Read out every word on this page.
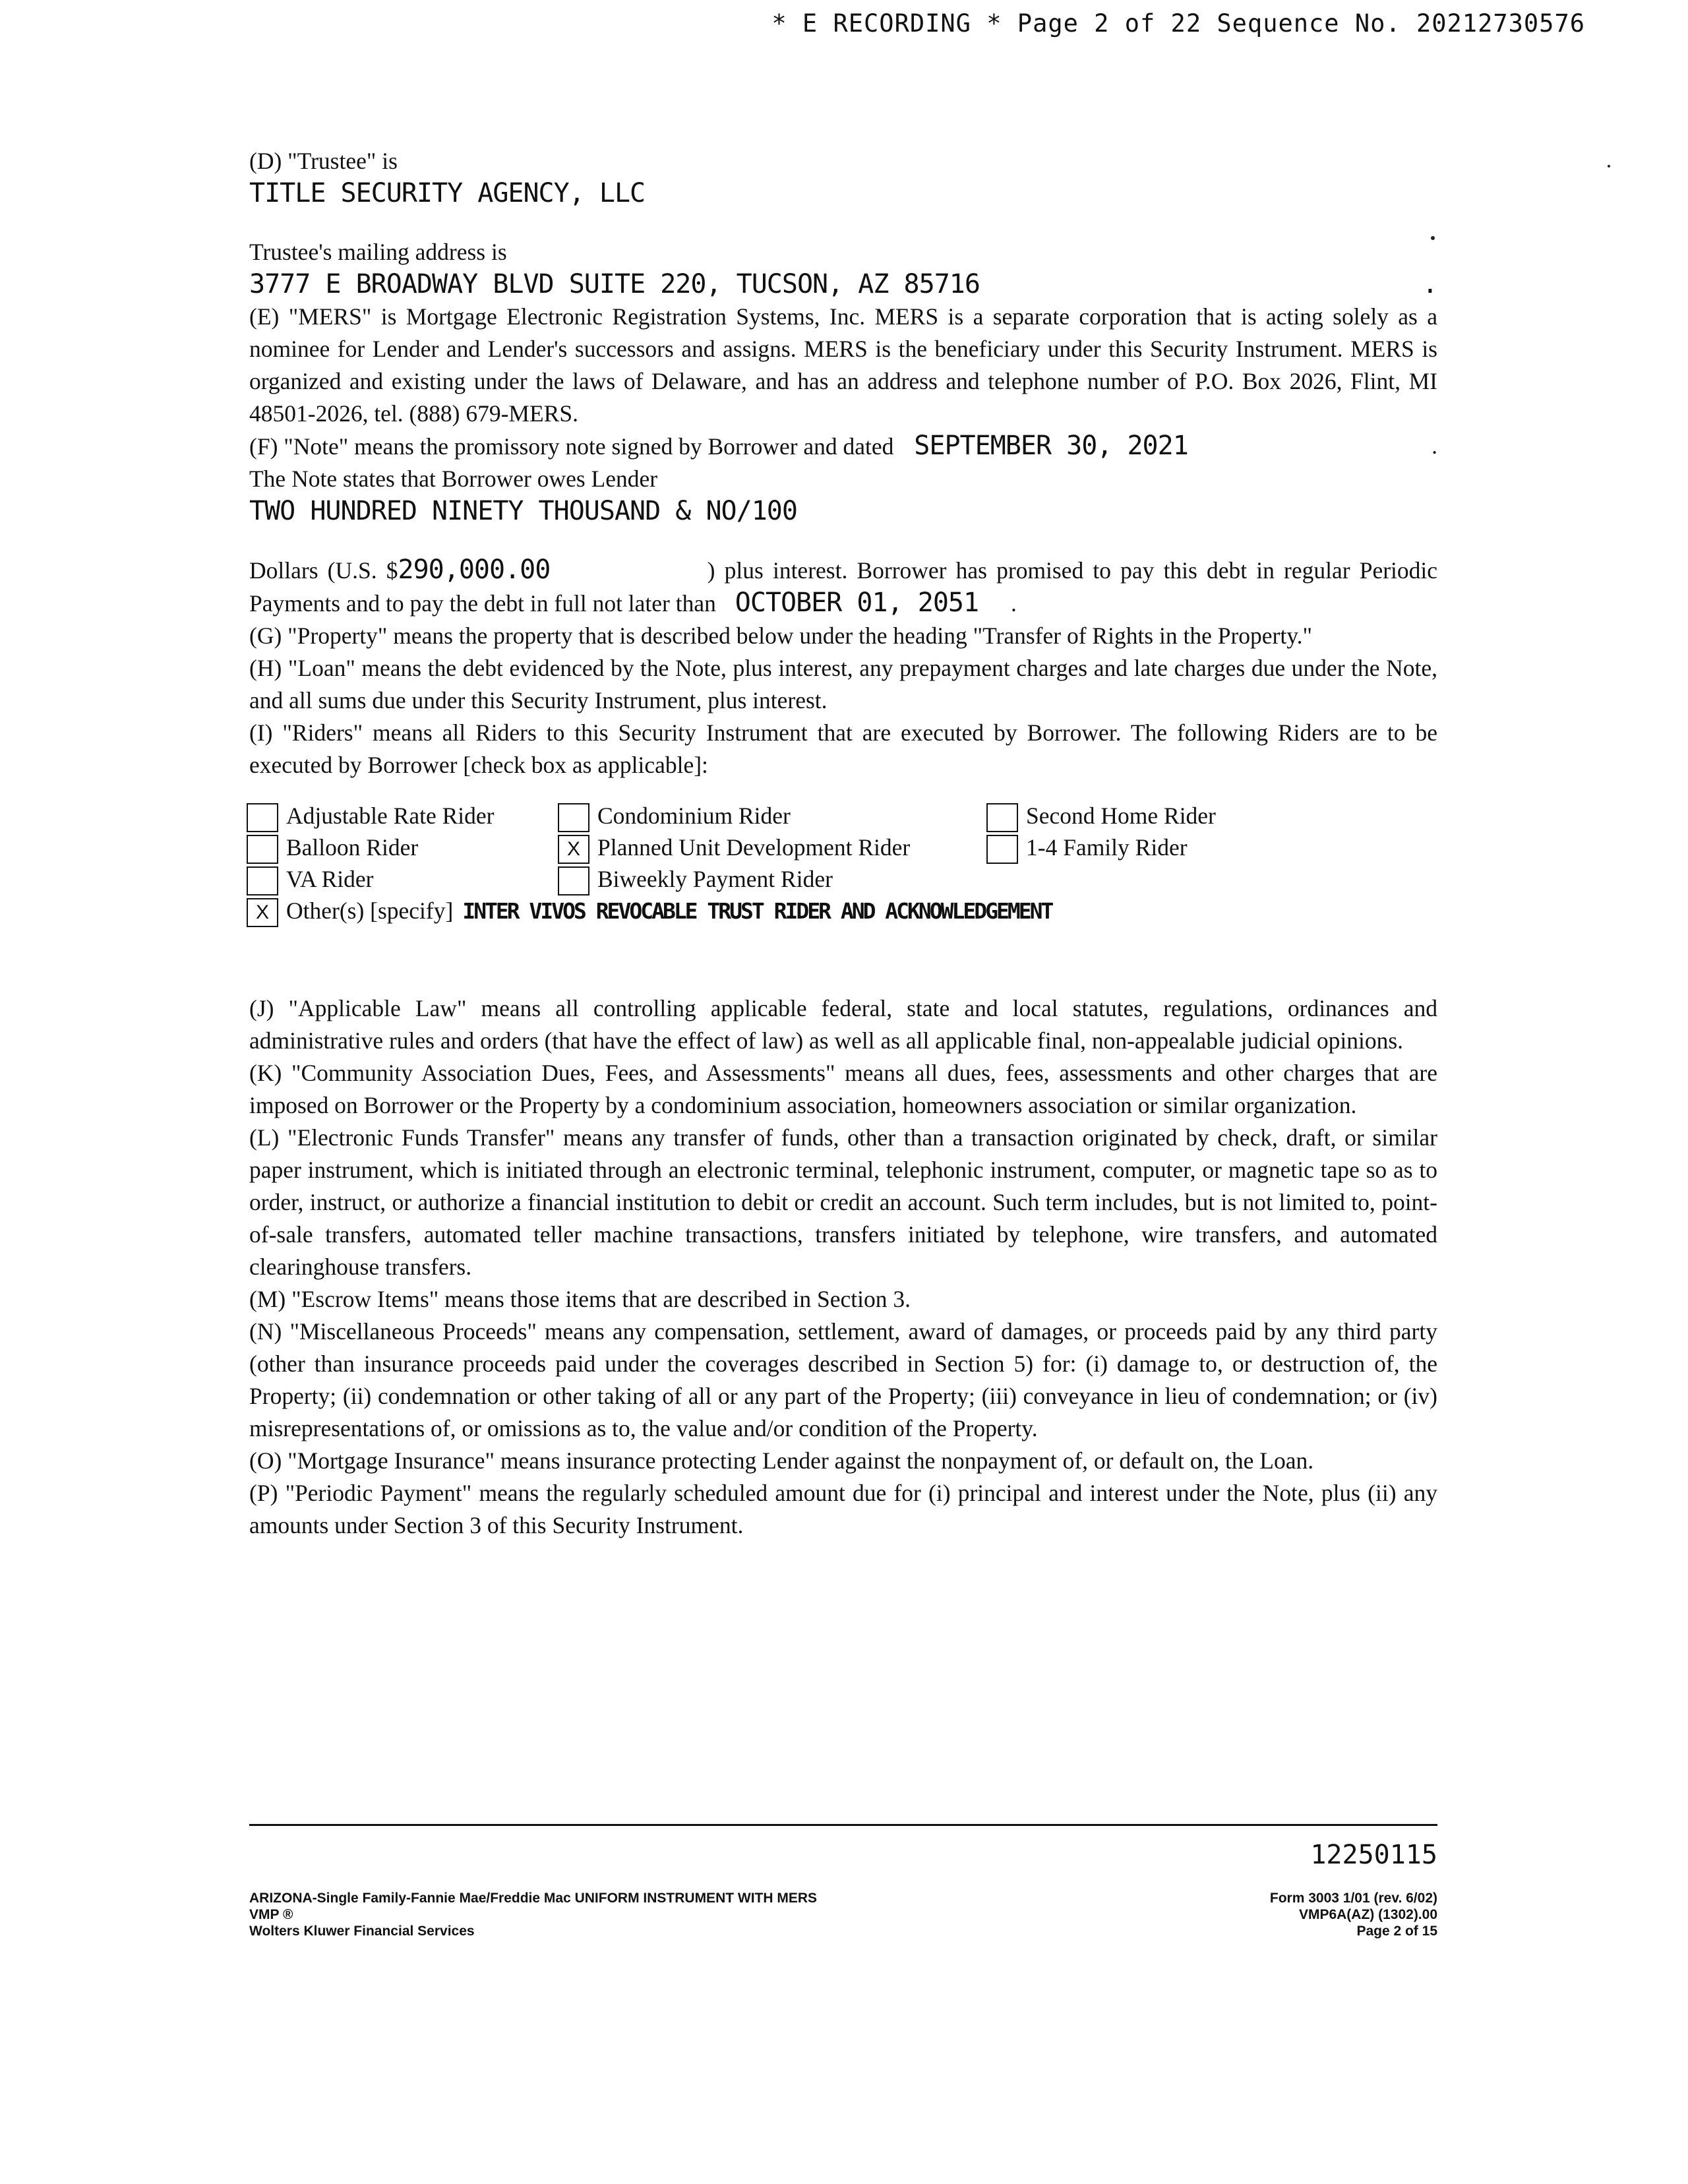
* E RECORDING * Page 2 of 22 Sequence No. 20212730576

(D) "Trustee" is

TITLE SECURITY AGENCY, LLC

Trustee's mailing address is

3777 E BROADWAY BLVD SUITE 220, TUCSON, AZ 85716	.

(E) "MERS" is Mortgage Electronic Registration Systems, Inc. MERS is a separate corporation that is acting solely as a nominee for Lender and Lender's successors and assigns. MERS is the beneficiary under this Security Instrument. MERS is organized and existing under the laws of Delaware, and has an address and telephone number of P.O. Box 2026, Flint, MI 48501-2026, tel. (888) 679-MERS.

(F) "Note" means the promissory note signed by Borrower and dated SEPTEMBER 30, 2021	.

The Note states that Borrower owes Lender

TWO HUNDRED NINETY THOUSAND & NO/100

Dollars (U.S. $290,000.00	) plus interest. Borrower has promised to pay this debt in regular Periodic Payments and to pay the debt in full not later than OCTOBER 01, 2051 .

(G) "Property" means the property that is described below under the heading "Transfer of Rights in the Property."

(H) "Loan" means the debt evidenced by the Note, plus interest, any prepayment charges and late charges due under the Note, and all sums due under this Security Instrument, plus interest.

(I) "Riders" means all Riders to this Security Instrument that are executed by Borrower. The following Riders are to be executed by Borrower [check box as applicable]:

Adjustable Rate Rider	Condominium Rider	Second Home Rider
Balloon Rider	X Planned Unit Development Rider	1-4 Family Rider
VA Rider	Biweekly Payment Rider
X Other(s) [specify] INTER VIVOS REVOCABLE TRUST RIDER AND ACKNOWLEDGEMENT

(J) "Applicable Law" means all controlling applicable federal, state and local statutes, regulations, ordinances and administrative rules and orders (that have the effect of law) as well as all applicable final, non-appealable judicial opinions.

(K) "Community Association Dues, Fees, and Assessments" means all dues, fees, assessments and other charges that are imposed on Borrower or the Property by a condominium association, homeowners association or similar organization.

(L) "Electronic Funds Transfer" means any transfer of funds, other than a transaction originated by check, draft, or similar paper instrument, which is initiated through an electronic terminal, telephonic instrument, computer, or magnetic tape so as to order, instruct, or authorize a financial institution to debit or credit an account. Such term includes, but is not limited to, point-of-sale transfers, automated teller machine transactions, transfers initiated by telephone, wire transfers, and automated clearinghouse transfers.

(M) "Escrow Items" means those items that are described in Section 3.

(N) "Miscellaneous Proceeds" means any compensation, settlement, award of damages, or proceeds paid by any third party (other than insurance proceeds paid under the coverages described in Section 5) for: (i) damage to, or destruction of, the Property; (ii) condemnation or other taking of all or any part of the Property; (iii) conveyance in lieu of condemnation; or (iv) misrepresentations of, or omissions as to, the value and/or condition of the Property.

(O) "Mortgage Insurance" means insurance protecting Lender against the nonpayment of, or default on, the Loan.

(P) "Periodic Payment" means the regularly scheduled amount due for (i) principal and interest under the Note, plus (ii) any amounts under Section 3 of this Security Instrument.

12250115
ARIZONA-Single Family-Fannie Mae/Freddie Mac UNIFORM INSTRUMENT WITH MERS
VMP ®
Wolters Kluwer Financial Services
Form 3003 1/01 (rev. 6/02)
VMP6A(AZ) (1302).00
Page 2 of 15
